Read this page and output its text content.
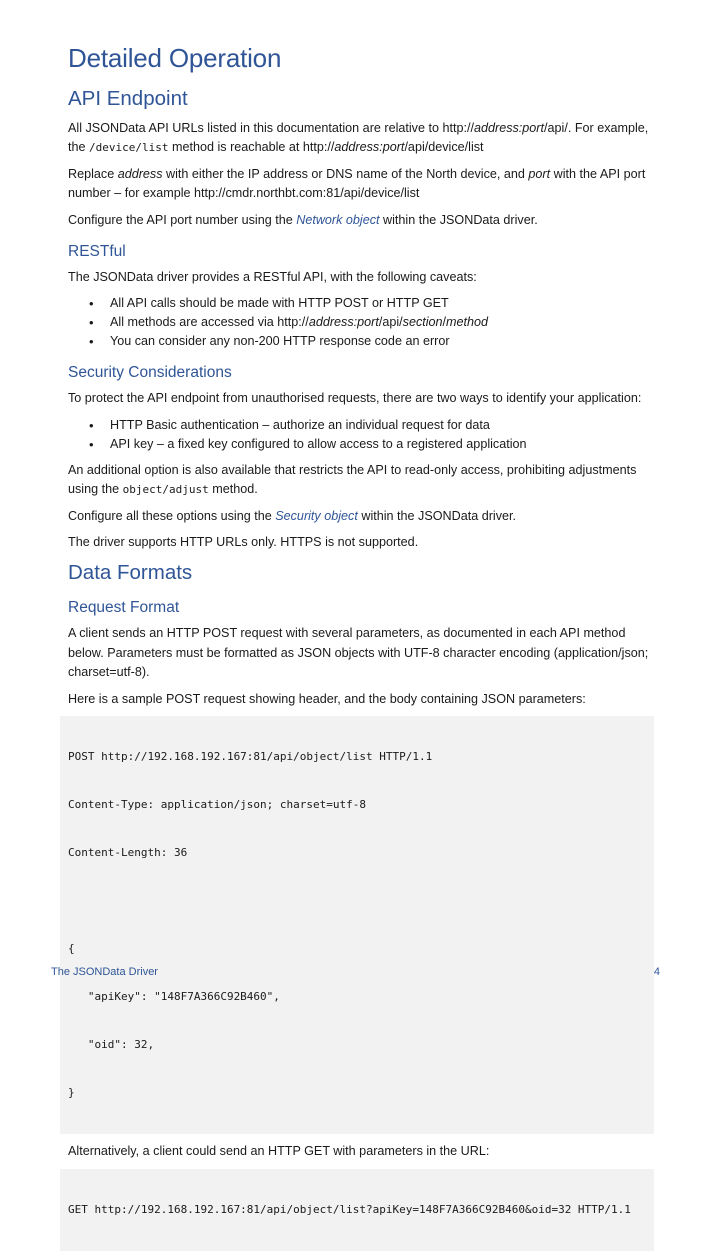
Detailed Operation
API Endpoint

All JSONData API URLs listed in this documentation are relative to http://address:port/api/. For example, the /device/list method is reachable at http://address:port/api/device/list

Replace address with either the IP address or DNS name of the North device, and port with the API port number – for example http://cmdr.northbt.com:81/api/device/list

Configure the API port number using the Network object within the JSONData driver.

RESTful

The JSONData driver provides a RESTful API, with the following caveats:

• All API calls should be made with HTTP POST or HTTP GET
• All methods are accessed via http://address:port/api/section/method
• You can consider any non-200 HTTP response code an error
Security Considerations

To protect the API endpoint from unauthorised requests, there are two ways to identify your application:

• HTTP Basic authentication – authorize an individual request for data
• API key – a fixed key configured to allow access to a registered application

An additional option is also available that restricts the API to read-only access, prohibiting adjustments using the object/adjust method.

Configure all these options using the Security object within the JSONData driver.

The driver supports HTTP URLs only. HTTPS is not supported.

Data Formats
Request Format

A client sends an HTTP POST request with several parameters, as documented in each API method below. Parameters must be formatted as JSON objects with UTF-8 character encoding (application/json; charset=utf-8).

Here is a sample POST request showing header, and the body containing JSON parameters:

POST http://192.168.192.167:81/api/object/list HTTP/1.1

Content-Type: application/json; charset=utf-8

Content-Length: 36

{

"apiKey": "148F7A366C92B460",

"oid": 32,

}

Alternatively, a client could send an HTTP GET with parameters in the URL:

GET http://192.168.192.167:81/api/object/list?apiKey=148F7A366C92B460&oid=32 HTTP/1.1

The JSONData Driver	4
